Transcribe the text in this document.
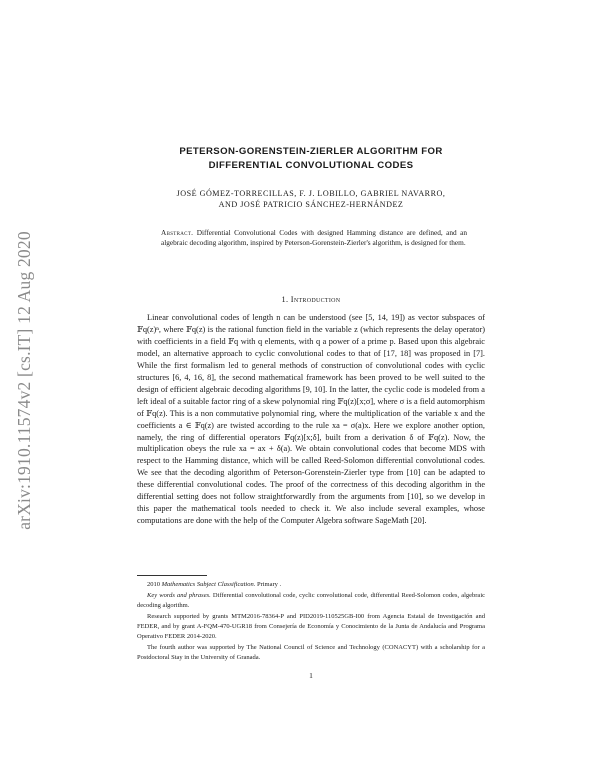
arXiv:1910.11574v2 [cs.IT] 12 Aug 2020
PETERSON-GORENSTEIN-ZIERLER ALGORITHM FOR
DIFFERENTIAL CONVOLUTIONAL CODES
JOSÉ GÓMEZ-TORRECILLAS, F. J. LOBILLO, GABRIEL NAVARRO,
AND JOSÉ PATRICIO SÁNCHEZ-HERNÁNDEZ
Abstract. Differential Convolutional Codes with designed Hamming distance are defined, and an algebraic decoding algorithm, inspired by Peterson-Gorenstein-Zierler's algorithm, is designed for them.
1. Introduction

Linear convolutional codes of length n can be understood (see [5, 14, 19]) as vector subspaces of 𝔽q(z)ⁿ, where 𝔽q(z) is the rational function field in the variable z (which represents the delay operator) with coefficients in a field 𝔽q with q elements, with q a power of a prime p. Based upon this algebraic model, an alternative approach to cyclic convolutional codes to that of [17, 18] was proposed in [7]. While the first formalism led to general methods of construction of convolutional codes with cyclic structures [6, 4, 16, 8], the second mathematical framework has been proved to be well suited to the design of efficient algebraic decoding algorithms [9, 10]. In the latter, the cyclic code is modeled from a left ideal of a suitable factor ring of a skew polynomial ring 𝔽q(z)[x;σ], where σ is a field automorphism of 𝔽q(z). This is a non commutative polynomial ring, where the multiplication of the variable x and the coefficients a ∈ 𝔽q(z) are twisted according to the rule xa = σ(a)x. Here we explore another option, namely, the ring of differential operators 𝔽q(z)[x;δ], built from a derivation δ of 𝔽q(z). Now, the multiplication obeys the rule xa = ax + δ(a). We obtain convolutional codes that become MDS with respect to the Hamming distance, which will be called Reed-Solomon differential convolutional codes. We see that the decoding algorithm of Peterson-Gorenstein-Zierler type from [10] can be adapted to these differential convolutional codes. The proof of the correctness of this decoding algorithm in the differential setting does not follow straightforwardly from the arguments from [10], so we develop in this paper the mathematical tools needed to check it. We also include several examples, whose computations are done with the help of the Computer Algebra software SageMath [20].

2010 Mathematics Subject Classification. Primary .

Key words and phrases. Differential convolutional code, cyclic convolutional code, differential Reed-Solomon codes, algebraic decoding algorithm.

Research supported by grants MTM2016-78364-P and PID2019-110525GB-I00 from Agencia Estatal de Investigación and FEDER, and by grant A-FQM-470-UGR18 from Consejería de Economía y Conocimiento de la Junta de Andalucía and Programa Operativo FEDER 2014-2020.

The fourth author was supported by The National Council of Science and Technology (CONACYT) with a scholarship for a Postdoctoral Stay in the University of Granada.

1
